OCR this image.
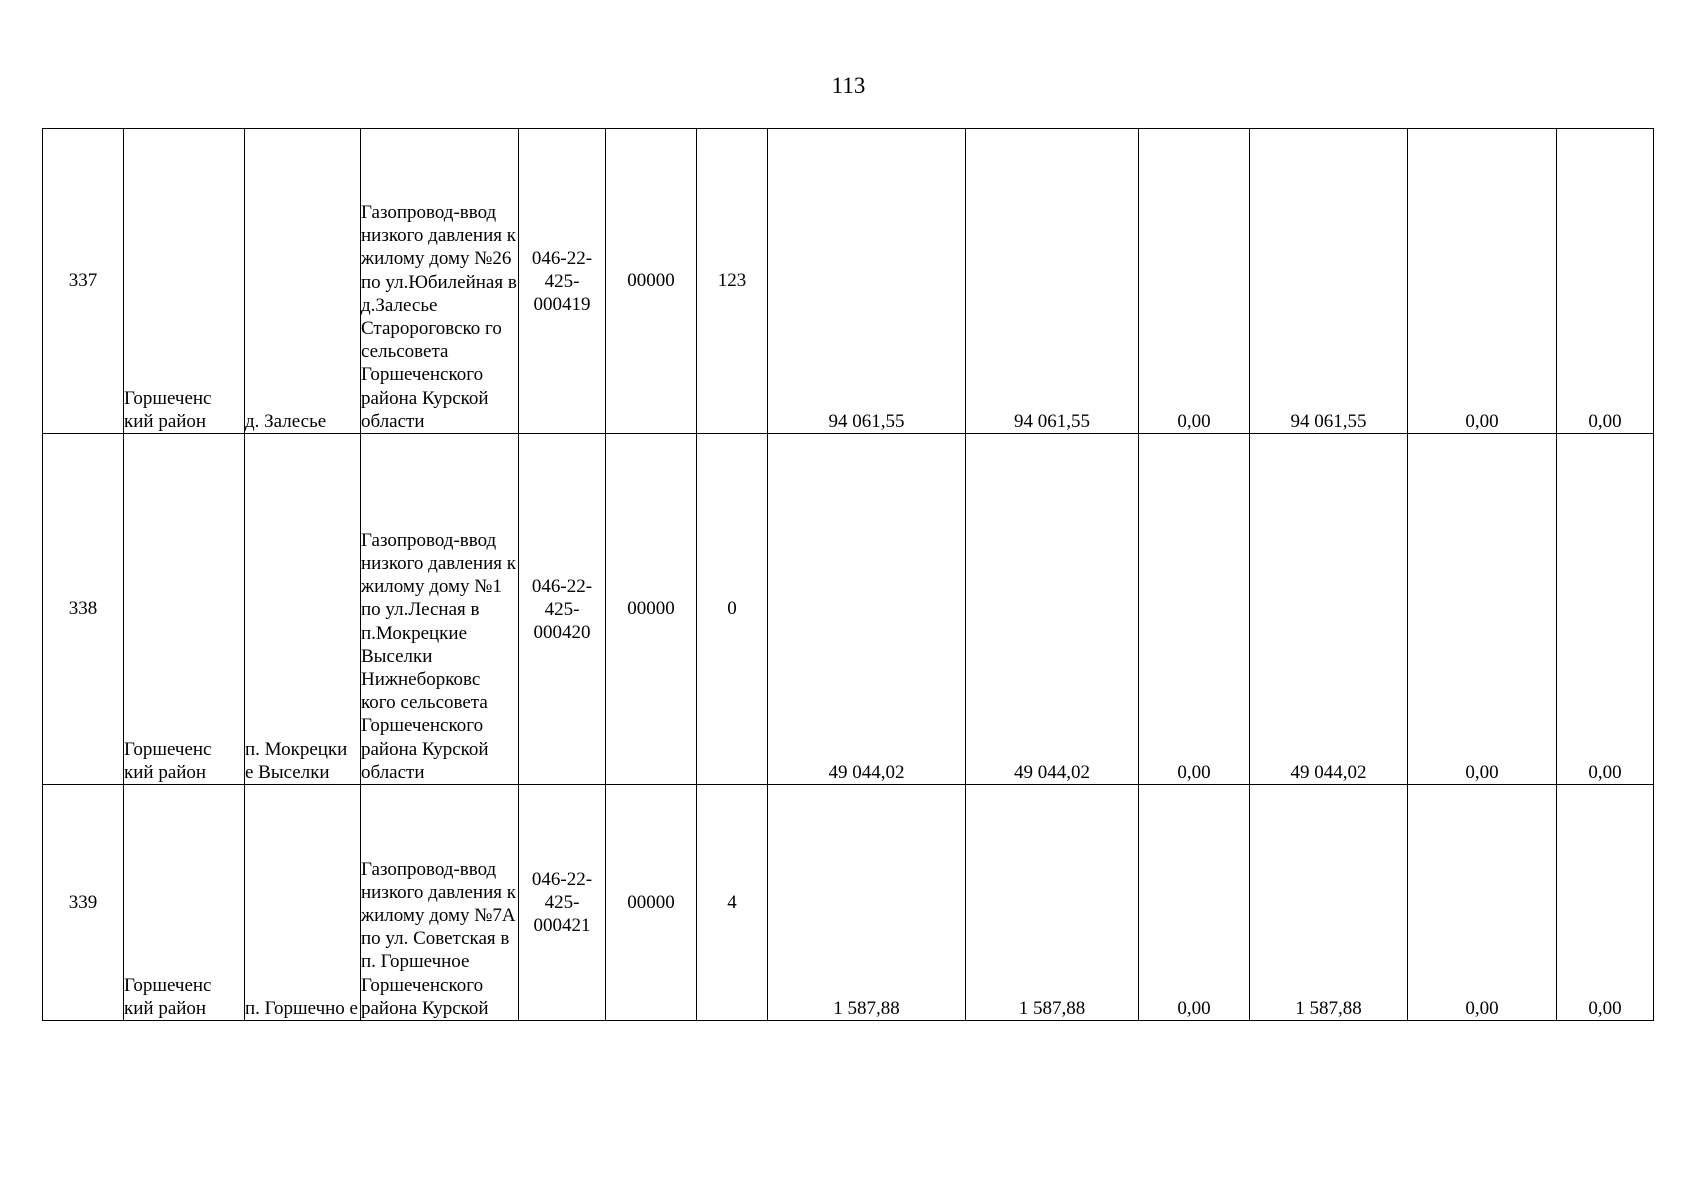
113
337	Горшеченс кий район	д. Залесье	Газопровод-ввод низкого давления к жилому дому №26 по ул.Юбилейная в д.Залесье Старороговско го сельсовета Горшеченского района Курской области	046-22-425-000419	00000	123	94 061,55	94 061,55	0,00	94 061,55	0,00	0,00
338	Горшеченс кий район	п. Мокрецки е Выселки	Газопровод-ввод низкого давления к жилому дому №1 по ул.Лесная в п.Мокрецкие Выселки Нижнеборковс кого сельсовета Горшеченского района Курской области	046-22-425-000420	00000	0	49 044,02	49 044,02	0,00	49 044,02	0,00	0,00
339	Горшеченс кий район	п. Горшечно е	Газопровод-ввод низкого давления к жилому дому №7А по ул. Советская в п. Горшечное Горшеченского района Курской	046-22-425-000421	00000	4	1 587,88	1 587,88	0,00	1 587,88	0,00	0,00
